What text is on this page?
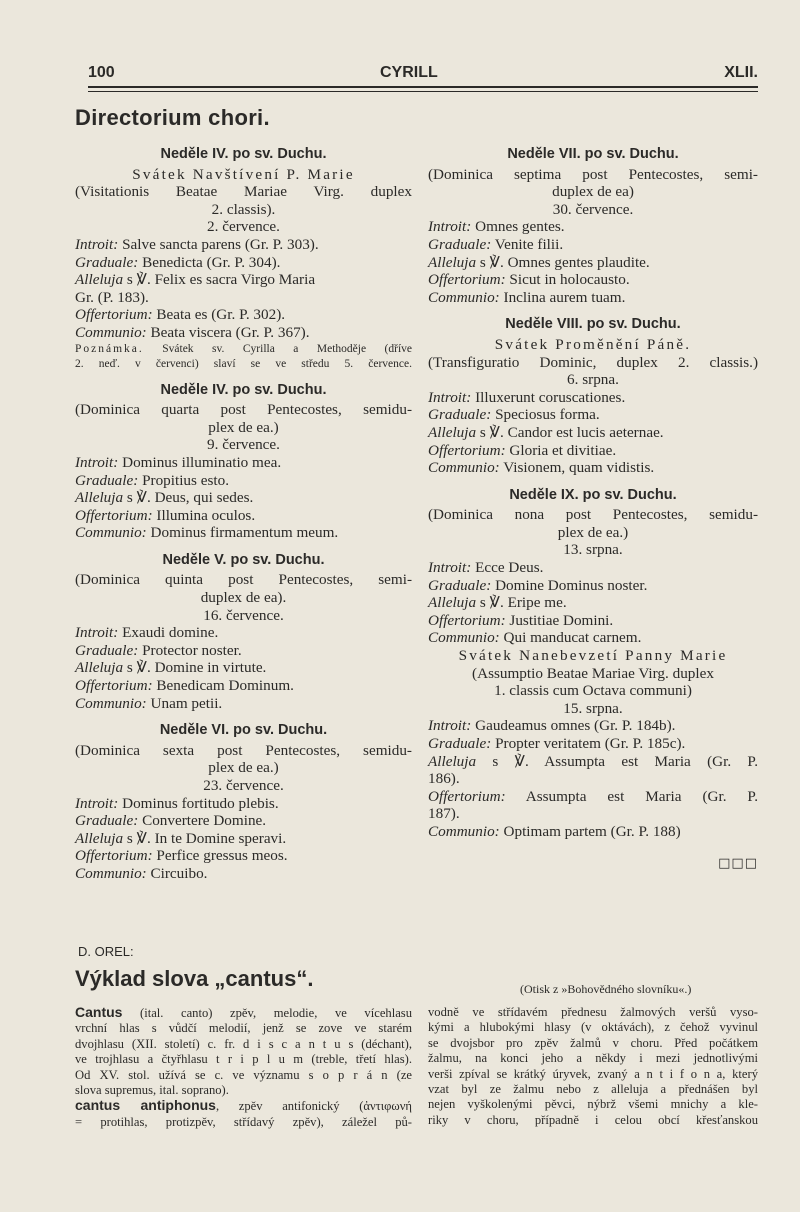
100	CYRILL	XLII.
Directorium chori.
Neděle IV. po sv. Duchu.
Svátek Navštívení P. Marie
(Visitationis Beatae Mariae Virg. duplex
2. classis).
2. července.
Introit: Salve sancta parens (Gr. P. 303).
Graduale: Benedicta (Gr. P. 304).
Alleluja s ℣. Felix es sacra Virgo Maria
Gr. (P. 183).
Offertorium: Beata es (Gr. P. 302).
Communio: Beata viscera (Gr. P. 367).
Poznámka. Svátek sv. Cyrilla a Methoděje (dříve
2. neď. v červenci) slaví se ve středu 5. července.
Neděle IV. po sv. Duchu.
(Dominica quarta post Pentecostes, semidu-
plex de ea.)
9. července.
Introit: Dominus illuminatio mea.
Graduale: Propitius esto.
Alleluja s ℣. Deus, qui sedes.
Offertorium: Illumina oculos.
Communio: Dominus firmamentum meum.
Neděle V. po sv. Duchu.
(Dominica quinta post Pentecostes, semi-
duplex de ea).
16. července.
Introit: Exaudi domine.
Graduale: Protector noster.
Alleluja s ℣. Domine in virtute.
Offertorium: Benedicam Dominum.
Communio: Unam petii.
Neděle VI. po sv. Duchu.
(Dominica sexta post Pentecostes, semidu-
plex de ea.)
23. července.
Introit: Dominus fortitudo plebis.
Graduale: Convertere Domine.
Alleluja s ℣. In te Domine speravi.
Offertorium: Perfice gressus meos.
Communio: Circuibo.
Neděle VII. po sv. Duchu.
(Dominica septima post Pentecostes, semi-
duplex de ea)
30. července.
Introit: Omnes gentes.
Graduale: Venite filii.
Alleluja s ℣. Omnes gentes plaudite.
Offertorium: Sicut in holocausto.
Communio: Inclina aurem tuam.
Neděle VIII. po sv. Duchu.
Svátek Proměnění Páně.
(Transfiguratio Dominic, duplex 2. classis.)
6. srpna.
Introit: Illuxerunt coruscationes.
Graduale: Speciosus forma.
Alleluja s ℣. Candor est lucis aeternae.
Offertorium: Gloria et divitiae.
Communio: Visionem, quam vidistis.
Neděle IX. po sv. Duchu.
(Dominica nona post Pentecostes, semidu-
plex de ea.)
13. srpna.
Introit: Ecce Deus.
Graduale: Domine Dominus noster.
Alleluja s ℣. Eripe me.
Offertorium: Justitiae Domini.
Communio: Qui manducat carnem.
Svátek Nanebevzetí Panny Marie
(Assumptio Beatae Mariae Virg. duplex
1. classis cum Octava communi)
15. srpna.
Introit: Gaudeamus omnes (Gr. P. 184b).
Graduale: Propter veritatem (Gr. P. 185c).
Alleluja s ℣. Assumpta est Maria (Gr. P.
186).
Offertorium: Assumpta est Maria (Gr. P.
187).
Communio: Optimam partem (Gr. P. 188)
□□□
D. OREL:
Výklad slova „cantus“.	(Otisk z »Bohovědného slovníku«.)
Cantus (ital. canto) zpěv, melodie, ve vícehlasu
vrchní hlas s vůdčí melodií, jenž se zove ve starém
dvojhlasu (XII. století) c. fr. d i s c a n t u s (déchant),
ve trojhlasu a čtyřhlasu t r i p l u m (treble, třetí hlas).
Od XV. stol. užívá se c. ve významu s o p r á n (ze
slova supremus, ital. soprano).
cantus antiphonus, zpěv antifonický (ἀντιφωνή
= protihlas, protizpěv, střídavý zpěv), záležel pů-
vodně ve střídavém přednesu žalmových veršů vyso-
kými a hlubokými hlasy (v oktávách), z čehož vyvinul
se dvojsbor pro zpěv žalmů v choru. Před počátkem
žalmu, na konci jeho a někdy i mezi jednotlivými
verši zpíval se krátký úryvek, zvaný a n t i f o n a, který
vzat byl ze žalmu nebo z alleluja a přednášen byl
nejen vyškolenými pěvci, nýbrž všemi mnichy a kle-
riky v choru, případně i celou obcí křesťanskou
